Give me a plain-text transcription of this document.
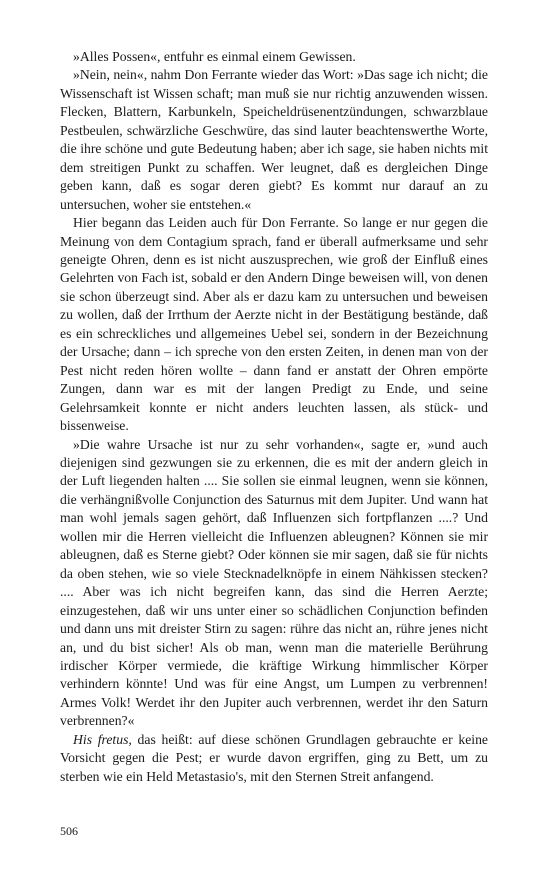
»Alles Possen«, entfuhr es einmal einem Gewissen.

»Nein, nein«, nahm Don Ferrante wieder das Wort: »Das sage ich nicht; die Wissenschaft ist Wissen schaft; man muß sie nur richtig anzuwenden wissen. Flecken, Blattern, Karbunkeln, Speicheldrüsenentzündungen, schwarzblaue Pestbeulen, schwärzliche Geschwüre, das sind lauter beachtenswerthe Worte, die ihre schöne und gute Bedeutung haben; aber ich sage, sie haben nichts mit dem streitigen Punkt zu schaffen. Wer leugnet, daß es dergleichen Dinge geben kann, daß es sogar deren giebt? Es kommt nur darauf an zu untersuchen, woher sie entstehen.«

Hier begann das Leiden auch für Don Ferrante. So lange er nur gegen die Meinung von dem Contagium sprach, fand er überall aufmerksame und sehr geneigte Ohren, denn es ist nicht auszusprechen, wie groß der Einfluß eines Gelehrten von Fach ist, sobald er den Andern Dinge beweisen will, von denen sie schon überzeugt sind. Aber als er dazu kam zu untersuchen und beweisen zu wollen, daß der Irrthum der Aerzte nicht in der Bestätigung bestände, daß es ein schreckliches und allgemeines Uebel sei, sondern in der Bezeichnung der Ursache; dann – ich spreche von den ersten Zeiten, in denen man von der Pest nicht reden hören wollte – dann fand er anstatt der Ohren empörte Zungen, dann war es mit der langen Predigt zu Ende, und seine Gelehrsamkeit konnte er nicht anders leuchten lassen, als stück- und bissenweise.

»Die wahre Ursache ist nur zu sehr vorhanden«, sagte er, »und auch diejenigen sind gezwungen sie zu erkennen, die es mit der andern gleich in der Luft liegenden halten .... Sie sollen sie einmal leugnen, wenn sie können, die verhängnißvolle Conjunction des Saturnus mit dem Jupiter. Und wann hat man wohl jemals sagen gehört, daß Influenzen sich fortpflanzen ....? Und wollen mir die Herren vielleicht die Influenzen ableugnen? Können sie mir ableugnen, daß es Sterne giebt? Oder können sie mir sagen, daß sie für nichts da oben stehen, wie so viele Stecknadelknöpfe in einem Nähkissen stecken? .... Aber was ich nicht begreifen kann, das sind die Herren Aerzte; einzugestehen, daß wir uns unter einer so schädlichen Conjunction befinden und dann uns mit dreister Stirn zu sagen: rühre das nicht an, rühre jenes nicht an, und du bist sicher! Als ob man, wenn man die materielle Berührung irdischer Körper vermiede, die kräftige Wirkung himmlischer Körper verhindern könnte! Und was für eine Angst, um Lumpen zu verbrennen! Armes Volk! Werdet ihr den Jupiter auch verbrennen, werdet ihr den Saturn verbrennen?«

His fretus, das heißt: auf diese schönen Grundlagen gebrauchte er keine Vorsicht gegen die Pest; er wurde davon ergriffen, ging zu Bett, um zu sterben wie ein Held Metastasio's, mit den Sternen Streit anfangend.

506
